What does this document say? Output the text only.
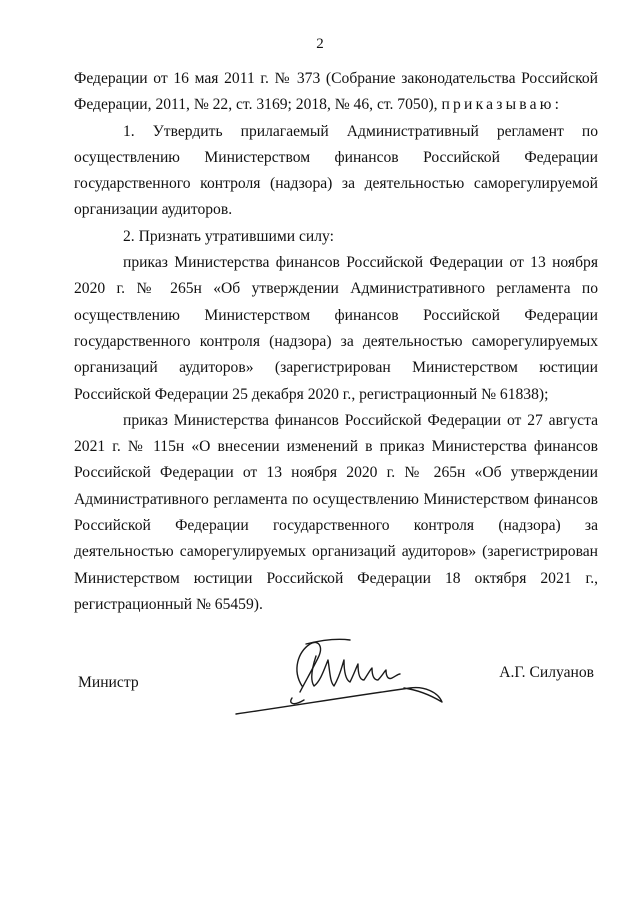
2

Федерации от 16 мая 2011 г. № 373 (Собрание законодательства Российской Федерации, 2011, № 22, ст. 3169; 2018, № 46, ст. 7050), приказываю:

1. Утвердить прилагаемый Административный регламент по осуществлению Министерством финансов Российской Федерации государственного контроля (надзора) за деятельностью саморегулируемой организации аудиторов.

2. Признать утратившими силу:

приказ Министерства финансов Российской Федерации от 13 ноября 2020 г. № 265н «Об утверждении Административного регламента по осуществлению Министерством финансов Российской Федерации государственного контроля (надзора) за деятельностью саморегулируемых организаций аудиторов» (зарегистрирован Министерством юстиции Российской Федерации 25 декабря 2020 г., регистрационный № 61838);

приказ Министерства финансов Российской Федерации от 27 августа 2021 г. № 115н «О внесении изменений в приказ Министерства финансов Российской Федерации от 13 ноября 2020 г. № 265н «Об утверждении Административного регламента по осуществлению Министерством финансов Российской Федерации государственного контроля (надзора) за деятельностью саморегулируемых организаций аудиторов» (зарегистрирован Министерством юстиции Российской Федерации 18 октября 2021 г., регистрационный № 65459).

Министр
А.Г. Силуанов
